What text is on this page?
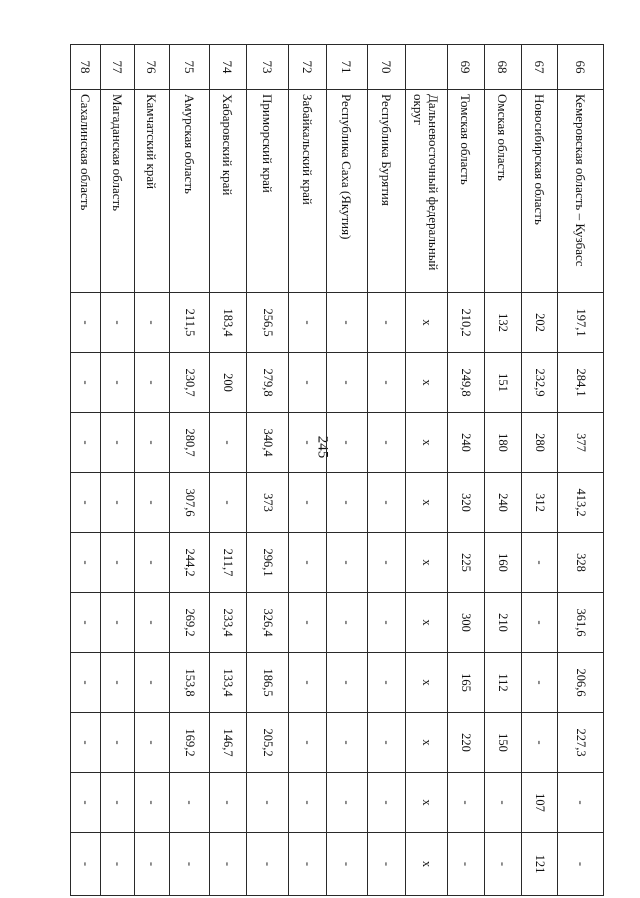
245
66	Кемеровская область – Кузбасс	197,1	284,1	377	413,2	328	361,6	206,6	227,3	-	-
67	Новосибирская область	202	232,9	280	312	-	-	-	-	107	121
68	Омская область	132	151	180	240	160	210	112	150	-	-
69	Томская область	210,2	249,8	240	320	225	300	165	220	-	-
	Дальневосточный федеральный округ	x	x	x	x	x	x	x	x	x	x
70	Республика Бурятия	-	-	-	-	-	-	-	-	-	-
71	Республика Саха (Якутия)	-	-	-	-	-	-	-	-	-	-
72	Забайкальский край	-	-	-	-	-	-	-	-	-	-
73	Приморский край	256,5	279,8	340,4	373	296,1	326,4	186,5	205,2	-	-
74	Хабаровский край	183,4	200	-	-	211,7	233,4	133,4	146,7	-	-
75	Амурская область	211,5	230,7	280,7	307,6	244,2	269,2	153,8	169,2	-	-
76	Камчатский край	-	-	-	-	-	-	-	-	-	-
77	Магаданская область	-	-	-	-	-	-	-	-	-	-
78	Сахалинская область	-	-	-	-	-	-	-	-	-	-
